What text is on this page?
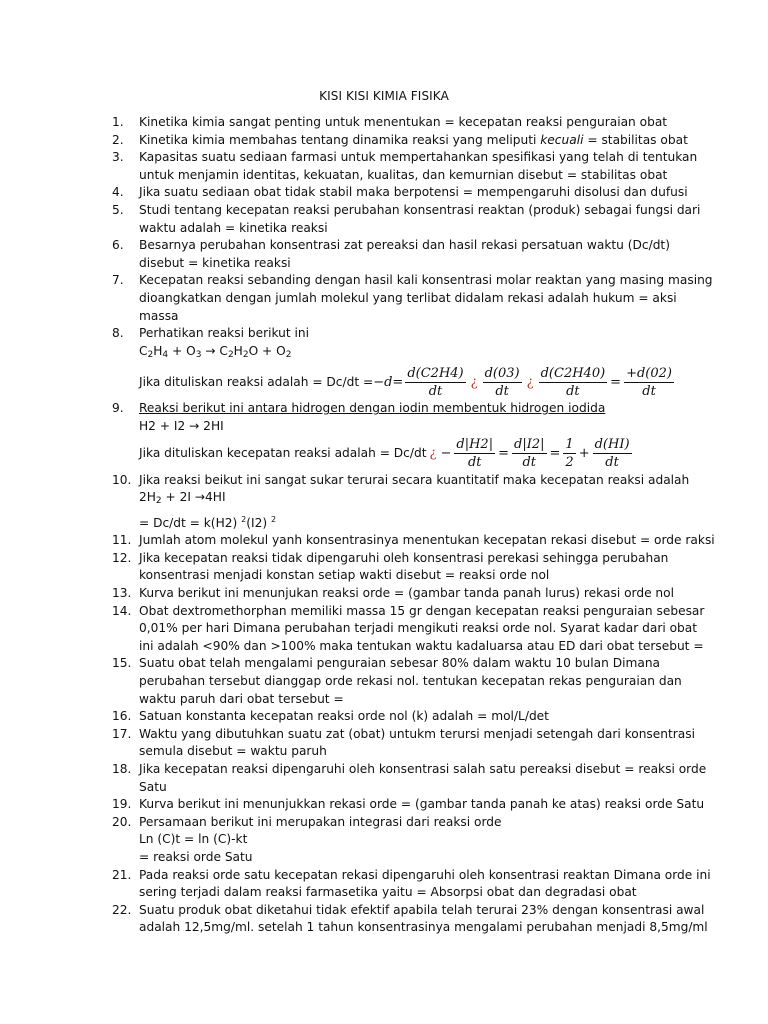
KISI KISI KIMIA FISIKA
1. Kinetika kimia sangat penting untuk menentukan = kecepatan reaksi penguraian obat
2. Kinetika kimia membahas tentang dinamika reaksi yang meliputi kecuali = stabilitas obat
3. Kapasitas suatu sediaan farmasi untuk mempertahankan spesifikasi yang telah di tentukan
untuk menjamin identitas, kekuatan, kualitas, dan kemurnian disebut = stabilitas obat
4. Jika suatu sediaan obat tidak stabil maka berpotensi = mempengaruhi disolusi dan dufusi
5. Studi tentang kecepatan reaksi perubahan konsentrasi reaktan (produk) sebagai fungsi dari
waktu adalah = kinetika reaksi
6. Besarnya perubahan konsentrasi zat pereaksi dan hasil rekasi persatuan waktu (Dc/dt)
disebut = kinetika reaksi
7. Kecepatan reaksi sebanding dengan hasil kali konsentrasi molar reaktan yang masing masing
dioangkatkan dengan jumlah molekul yang terlibat didalam rekasi adalah hukum = aksi
massa
8. Perhatikan reaksi berikut ini
$C_2H_4 + O_3 \to C_2H_2O + O_2$
Jika dituliskan reaksi adalah = $Dc/dt = -d= \frac{d(C2H4)}{dt}$ ¿ $\frac{d(03)}{dt}$ ¿ $\frac{d(C2H40)}{dt} = \frac{+d(02)}{dt}$
9. Reaksi berikut ini antara hidrogen dengan iodin membentuk hidrogen iodida
H2 + I2 → 2HI
Jika dituliskan kecepatan reaksi adalah = Dc/dt ¿ − $\frac{d|H2|}{dt} = \frac{d|I2|}{dt} = \frac{1}{2} + \frac{d(HI)}{dt}$
10. Jika reaksi beikut ini sangat sukar terurai secara kuantitatif maka kecepatan reaksi adalah
$2H_2 + 2I \to 4HI$
= Dc/dt = k(H2) $^2$(I2) $^2$
11. Jumlah atom molekul yanh konsentrasinya menentukan kecepatan rekasi disebut = orde raksi
12. Jika kecepatan reaksi tidak dipengaruhi oleh konsentrasi perekasi sehingga perubahan
konsentrasi menjadi konstan setiap wakti disebut = reaksi orde nol
13. Kurva berikut ini menunjukan reaksi orde = (gambar tanda panah lurus) rekasi orde nol
14. Obat dextromethorphan memiliki massa 15 gr dengan kecepatan reaksi penguraian sebesar
0,01% per hari Dimana perubahan terjadi mengikuti reaksi orde nol. Syarat kadar dari obat
ini adalah <90% dan >100% maka tentukan waktu kadaluarsa atau ED dari obat tersebut =
15. Suatu obat telah mengalami penguraian sebesar 80% dalam waktu 10 bulan Dimana
perubahan tersebut dianggap orde rekasi nol. tentukan kecepatan rekas penguraian dan
waktu paruh dari obat tersebut =
16. Satuan konstanta kecepatan reaksi orde nol (k) adalah = mol/L/det
17. Waktu yang dibutuhkan suatu zat (obat) untukm terursi menjadi setengah dari konsentrasi
semula disebut = waktu paruh
18. Jika kecepatan reaksi dipengaruhi oleh konsentrasi salah satu pereaksi disebut = reaksi orde
Satu
19. Kurva berikut ini menunjukkan rekasi orde = (gambar tanda panah ke atas) reaksi orde Satu
20. Persamaan berikut ini merupakan integrasi dari reaksi orde
Ln (C)t = ln (C)-kt
= reaksi orde Satu
21. Pada reaksi orde satu kecepatan rekasi dipengaruhi oleh konsentrasi reaktan Dimana orde ini
sering terjadi dalam reaksi farmasetika yaitu = Absorpsi obat dan degradasi obat
22. Suatu produk obat diketahui tidak efektif apabila telah terurai 23% dengan konsentrasi awal
adalah 12,5mg/ml. setelah 1 tahun konsentrasinya mengalami perubahan menjadi 8,5mg/ml
